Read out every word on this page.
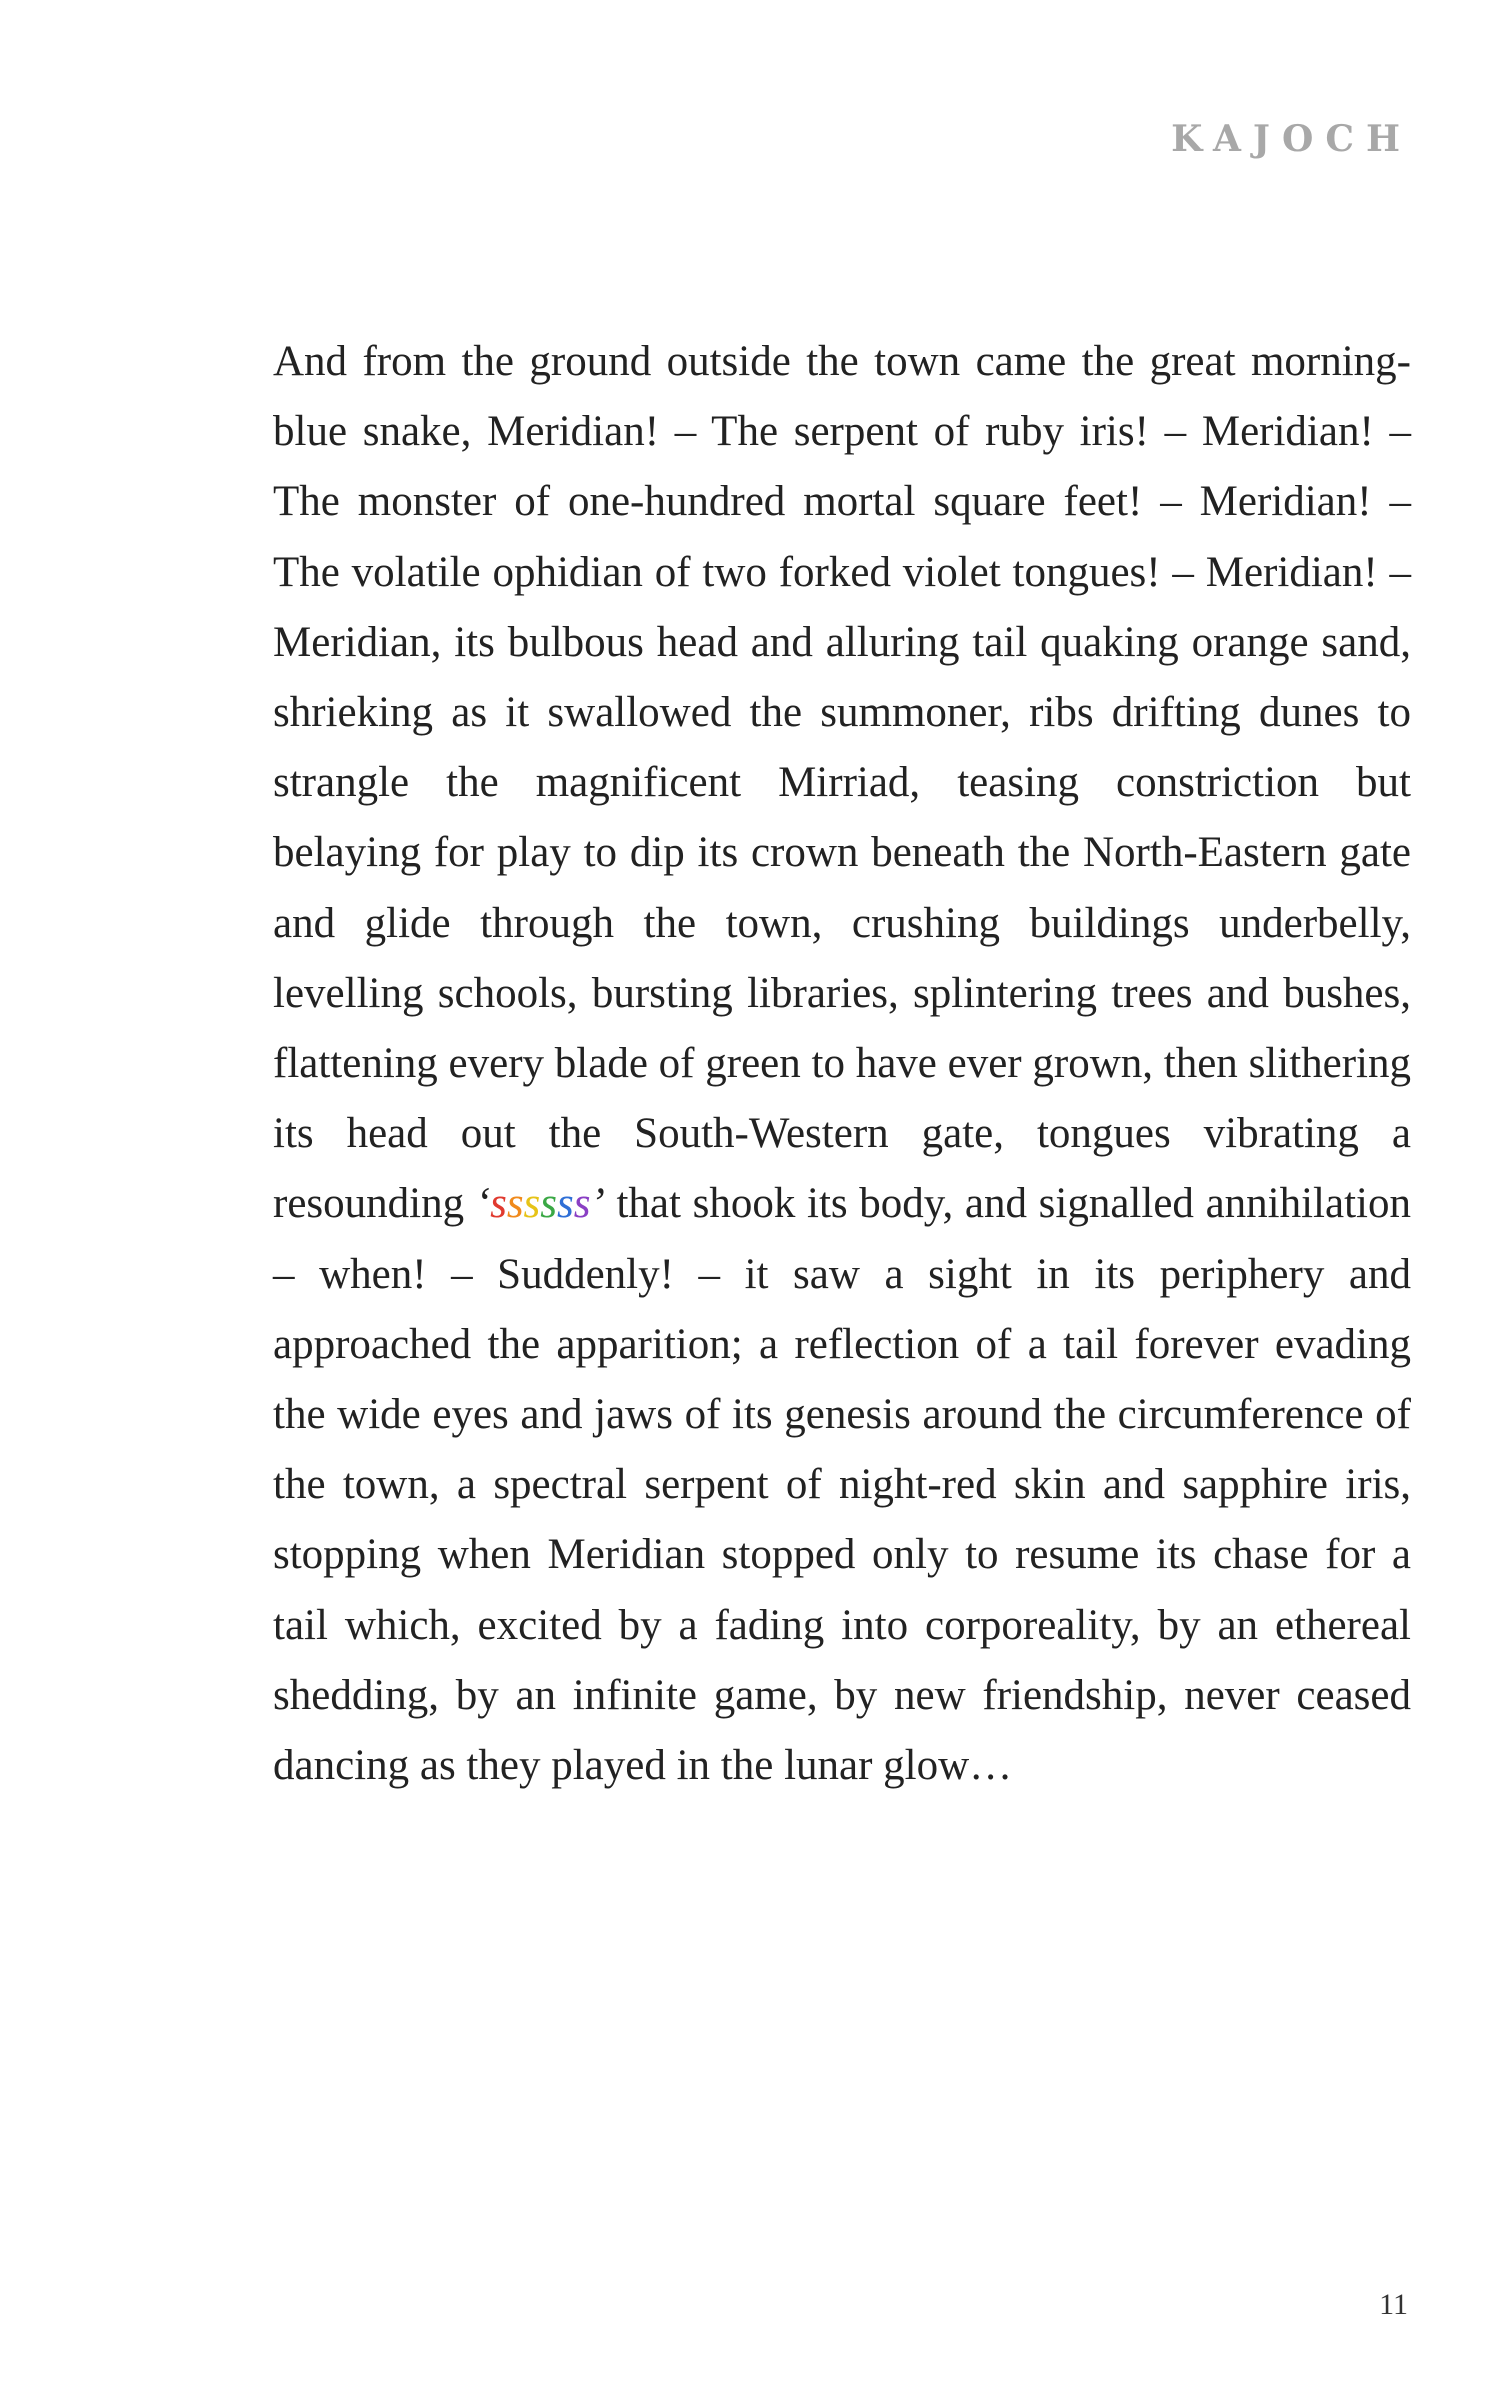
KAJOCH

And from the ground outside the town came the great morning-blue snake, Meridian! – The serpent of ruby iris! – Meridian! – The monster of one-hundred mortal square feet! – Meridian! – The volatile ophidian of two forked violet tongues! – Meridian! – Meridian, its bulbous head and alluring tail quaking orange sand, shrieking as it swallowed the summoner, ribs drifting dunes to strangle the magnificent Mirriad, teasing constriction but belaying for play to dip its crown beneath the North-Eastern gate and glide through the town, crushing buildings underbelly, levelling schools, bursting libraries, splintering trees and bushes, flattening every blade of green to have ever grown, then slithering its head out the South-Western gate, tongues vibrating a resounding ‘ssssss’ that shook its body, and signalled annihilation – when! – Suddenly! – it saw a sight in its periphery and approached the apparition; a reflection of a tail forever evading the wide eyes and jaws of its genesis around the circumference of the town, a spectral serpent of night-red skin and sapphire iris, stopping when Meridian stopped only to resume its chase for a tail which, excited by a fading into corporeality, by an ethereal shedding, by an infinite game, by new friendship, never ceased dancing as they played in the lunar glow…

11
